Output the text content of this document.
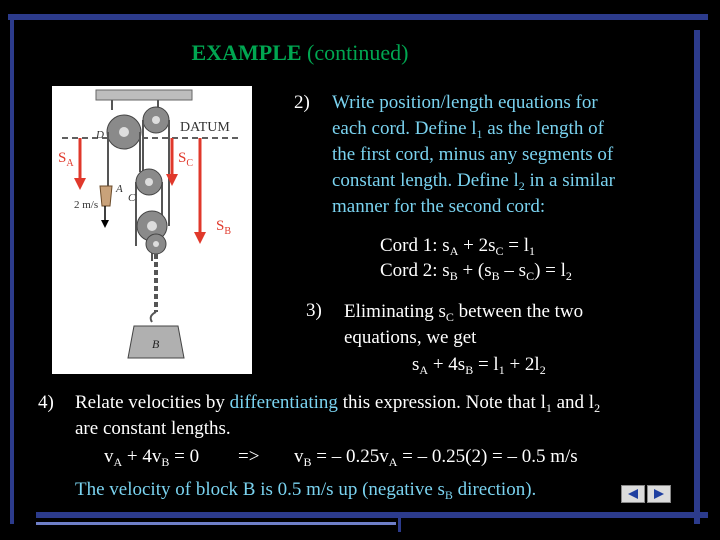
EXAMPLE (continued)
DATUM
D
C
A
2 m/s
B
$S_A$	$S_C$
$S_B$
2) Write position/length equations for
each cord. Define $l_1$ as the length of
the first cord, minus any segments of
constant length. Define $l_2$ in a similar
manner for the second cord:
Cord 1: $s_A + 2s_C = l_1$
Cord 2: $s_B + (s_B - s_C) = l_2$
3) Eliminating $s_C$ between the two
equations, we get
$s_A + 4s_B = l_1 + 2l_2$
4) Relate velocities by differentiating this expression. Note that $l_1$ and $l_2$
are constant lengths.
$v_A + 4v_B = 0 => v_B$ = – $0.25v_A$ = – 0.25(2) = – 0.5 m/s
The velocity of block B is 0.5 m/s up (negative $s_B$ direction).
